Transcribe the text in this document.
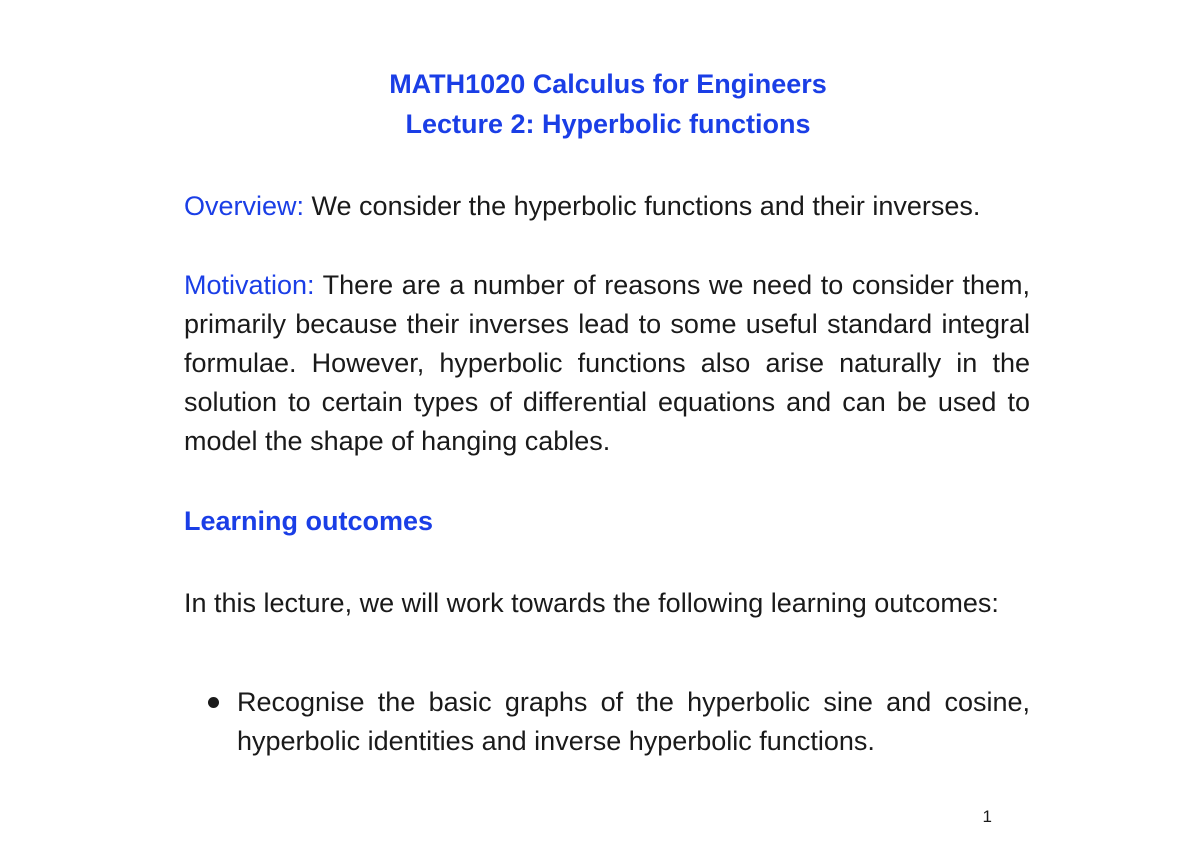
MATH1020 Calculus for Engineers
Lecture 2: Hyperbolic functions
Overview: We consider the hyperbolic functions and their inverses.
Motivation: There are a number of reasons we need to consider them, primarily because their inverses lead to some useful standard integral formulae. However, hyperbolic functions also arise naturally in the solution to certain types of differential equations and can be used to model the shape of hanging cables.
Learning outcomes
In this lecture, we will work towards the following learning outcomes:
Recognise the basic graphs of the hyperbolic sine and cosine, hyperbolic identities and inverse hyperbolic functions.
1
